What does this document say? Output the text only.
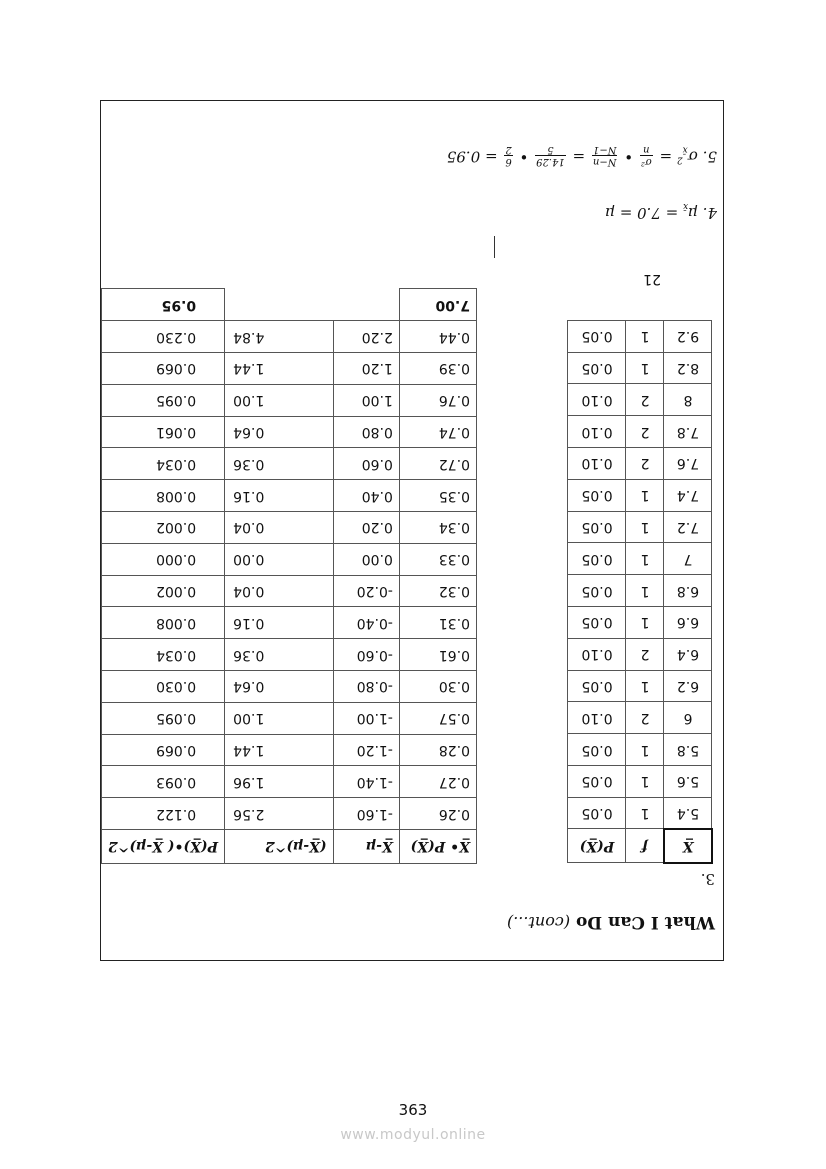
What I Can Do (cont...)
3.
X̲	f	P(X̲)
5.4	1	0.05
5.6	1	0.05
5.8	1	0.05
6	2	0.10
6.2	1	0.05
6.4	2	0.10
6.6	1	0.05
6.8	1	0.05
7	1	0.05
7.2	1	0.05
7.4	1	0.05
7.6	2	0.10
7.8	2	0.10
8	2	0.10
8.2	1	0.05
9.2	1	0.05
21
X̲• P(X̲)	X̲-μ	(X̲-μ)^2	P(X̲)•( X̲-μ)^2
0.26	-1.60	2.56	0.122
0.27	-1.40	1.96	0.093
0.28	-1.20	1.44	0.069
0.57	-1.00	1.00	0.095
0.30	-0.80	0.64	0.030
0.61	-0.60	0.36	0.034
0.31	-0.40	0.16	0.008
0.32	-0.20	0.04	0.002
0.33	0.00	0.00	0.000
0.34	0.20	0.04	0.002
0.35	0.40	0.16	0.008
0.72	0.60	0.36	0.034
0.74	0.80	0.64	0.061
0.76	1.00	1.00	0.095
0.39	1.20	1.44	0.069
0.44	2.20	4.84	0.230
7.00			0.95
4. $\mu_{x̄} = 7.0 = \mu$
5. $\sigma_{x̄}^2$ =
σ²
n
•
N−n
N−1
=
14.29
5
•
6
2
= 0.95
363
www.modyul.online
